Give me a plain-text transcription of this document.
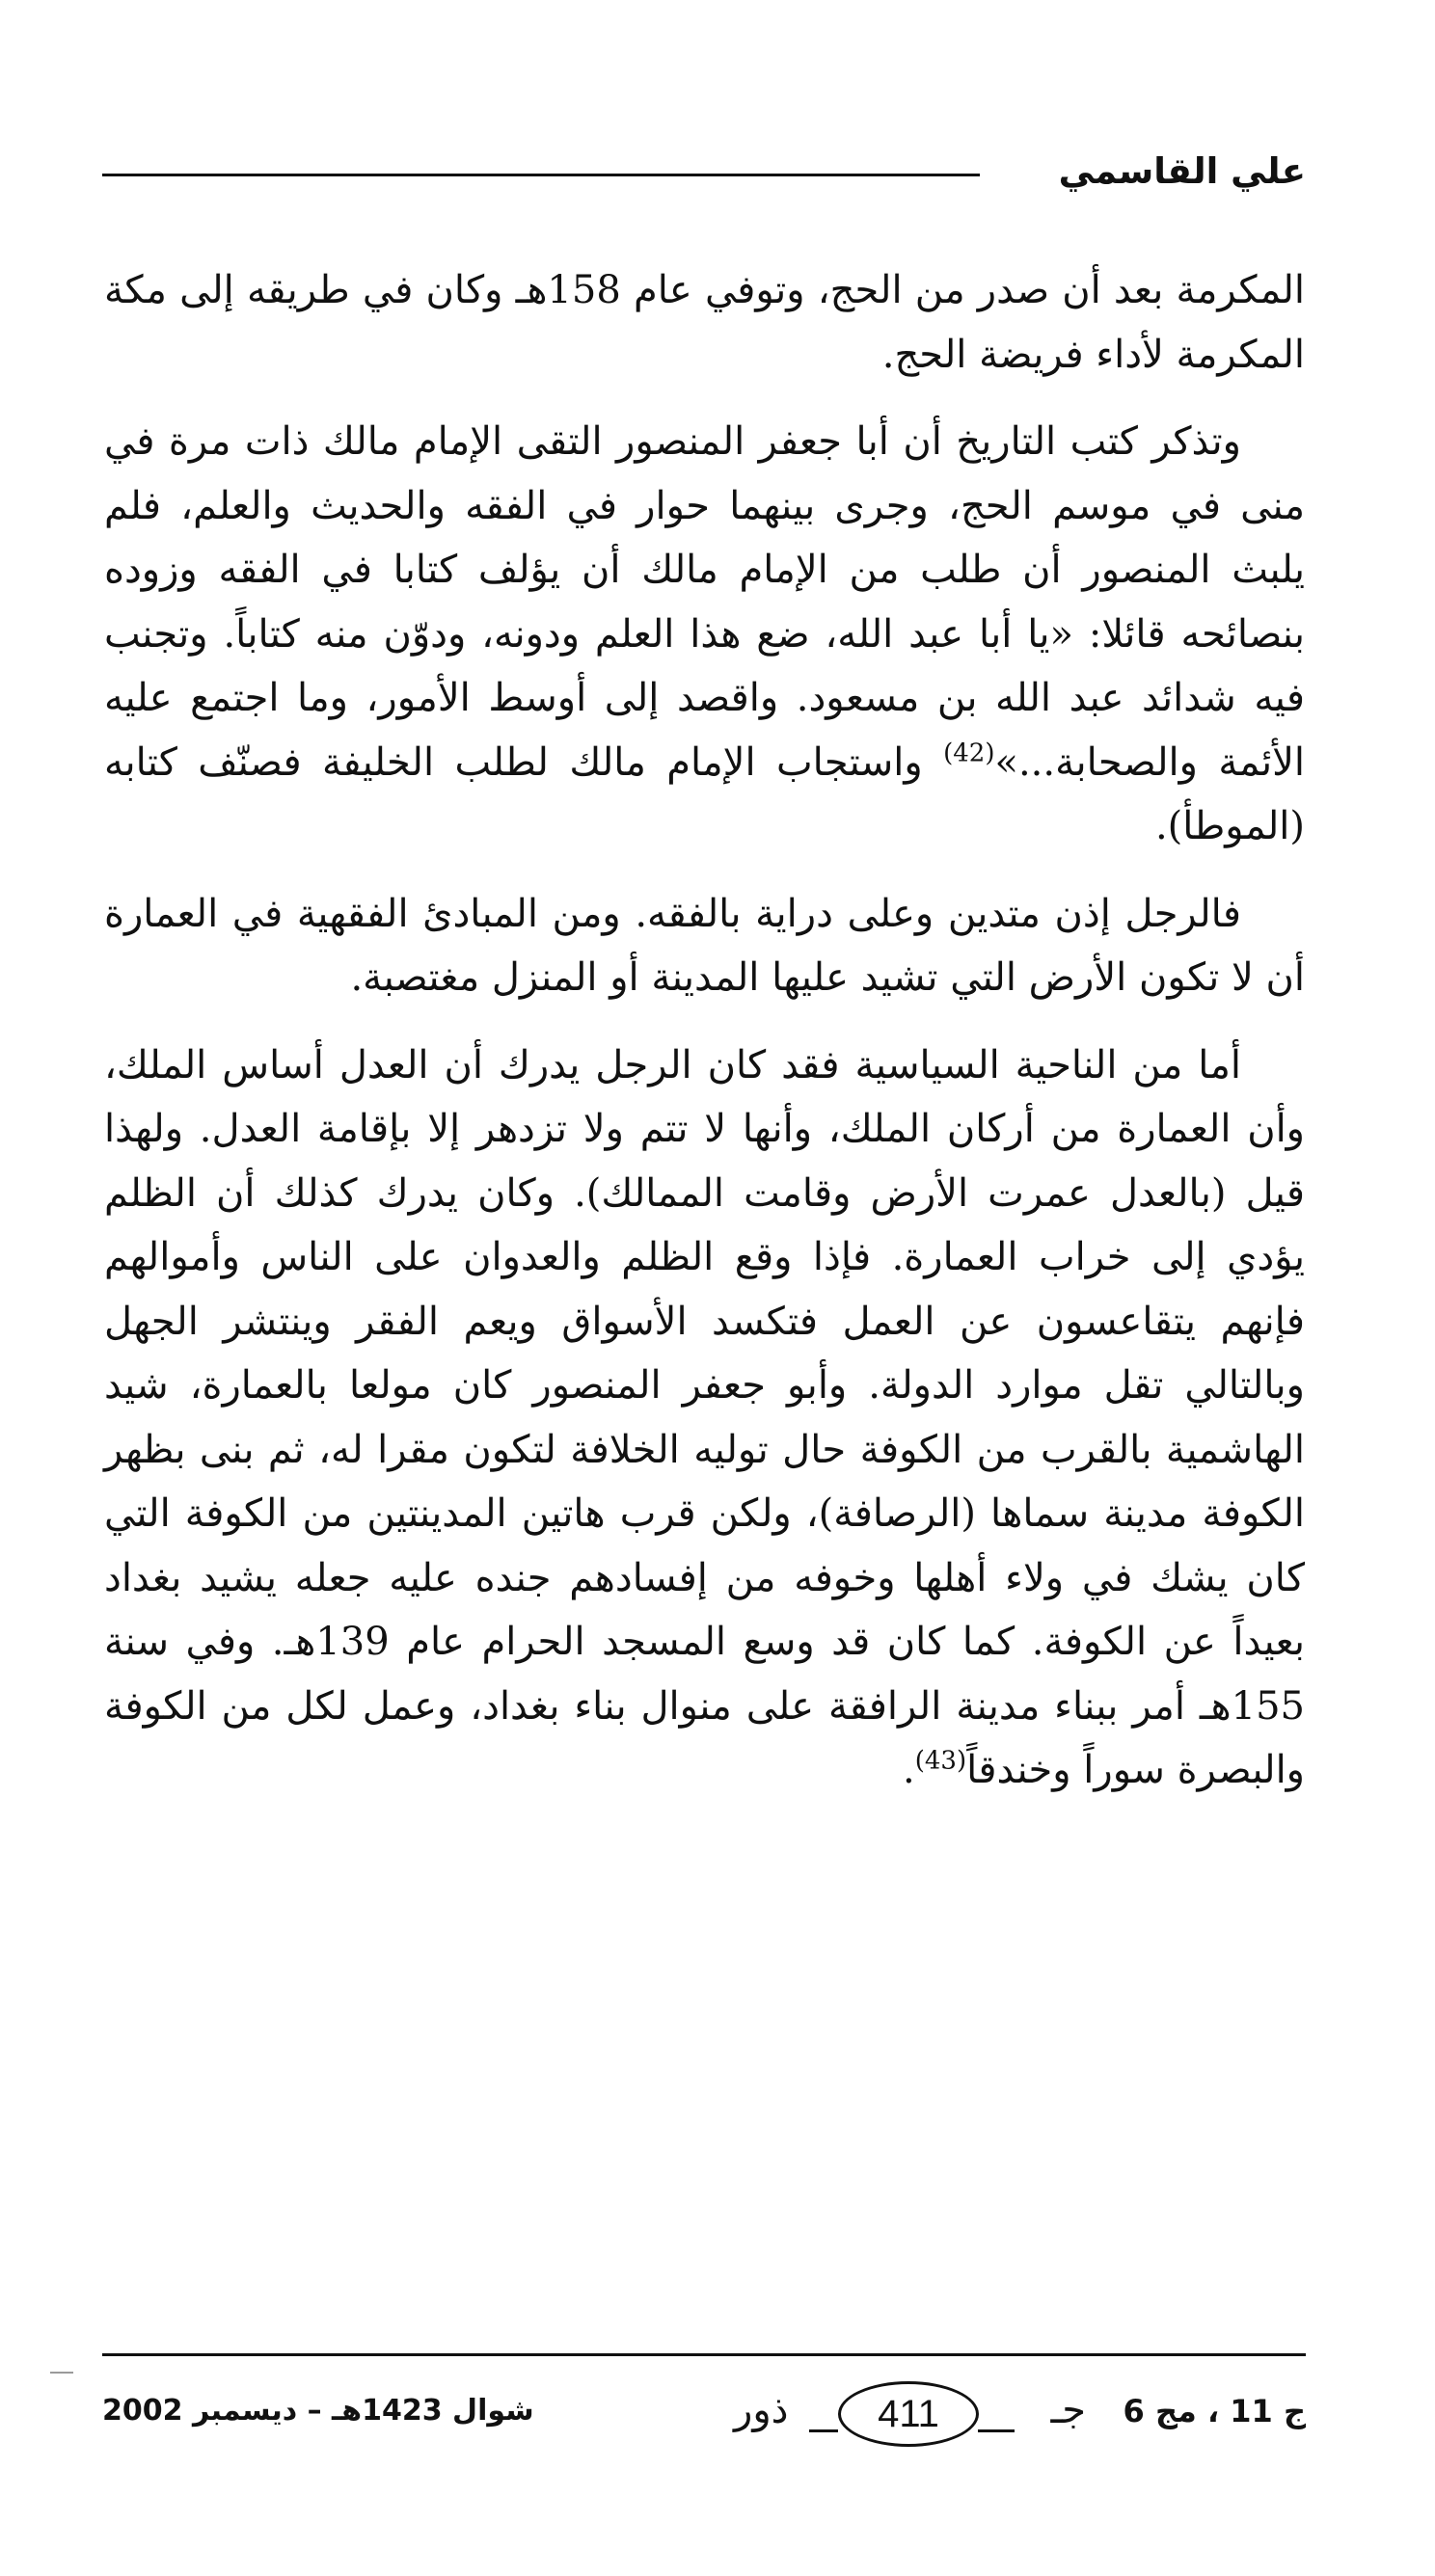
علي القاسمي

المكرمة بعد أن صدر من الحج، وتوفي عام 158هـ وكان في طريقه إلى مكة المكرمة لأداء فريضة الحج.

وتذكر كتب التاريخ أن أبا جعفر المنصور التقى الإمام مالك ذات مرة في منى في موسم الحج، وجرى بينهما حوار في الفقه والحديث والعلم، فلم يلبث المنصور أن طلب من الإمام مالك أن يؤلف كتابا في الفقه وزوده بنصائحه قائلا: «يا أبا عبد الله، ضع هذا العلم ودونه، ودوّن منه كتاباً. وتجنب فيه شدائد عبد الله بن مسعود. واقصد إلى أوسط الأمور، وما اجتمع عليه الأئمة والصحابة...»$^{(42)}$ واستجاب الإمام مالك لطلب الخليفة فصنّف كتابه (الموطأ).

فالرجل إذن متدين وعلى دراية بالفقه. ومن المبادئ الفقهية في العمارة أن لا تكون الأرض التي تشيد عليها المدينة أو المنزل مغتصبة.

أما من الناحية السياسية فقد كان الرجل يدرك أن العدل أساس الملك، وأن العمارة من أركان الملك، وأنها لا تتم ولا تزدهر إلا بإقامة العدل. ولهذا قيل (بالعدل عمرت الأرض وقامت الممالك). وكان يدرك كذلك أن الظلم يؤدي إلى خراب العمارة. فإذا وقع الظلم والعدوان على الناس وأموالهم فإنهم يتقاعسون عن العمل فتكسد الأسواق ويعم الفقر وينتشر الجهل وبالتالي تقل موارد الدولة. وأبو جعفر المنصور كان مولعا بالعمارة، شيد الهاشمية بالقرب من الكوفة حال توليه الخلافة لتكون مقرا له، ثم بنى بظهر الكوفة مدينة سماها (الرصافة)، ولكن قرب هاتين المدينتين من الكوفة التي كان يشك في ولاء أهلها وخوفه من إفسادهم جنده عليه جعله يشيد بغداد بعيداً عن الكوفة. كما كان قد وسع المسجد الحرام عام 139هـ. وفي سنة 155هـ أمر ببناء مدينة الرافقة على منوال بناء بغداد، وعمل لكل من الكوفة والبصرة سوراً وخندقاً$^{(43)}$.

ج 11 ، مج 6
ذور	411	جـ
شوال 1423هـ – ديسمبر 2002
